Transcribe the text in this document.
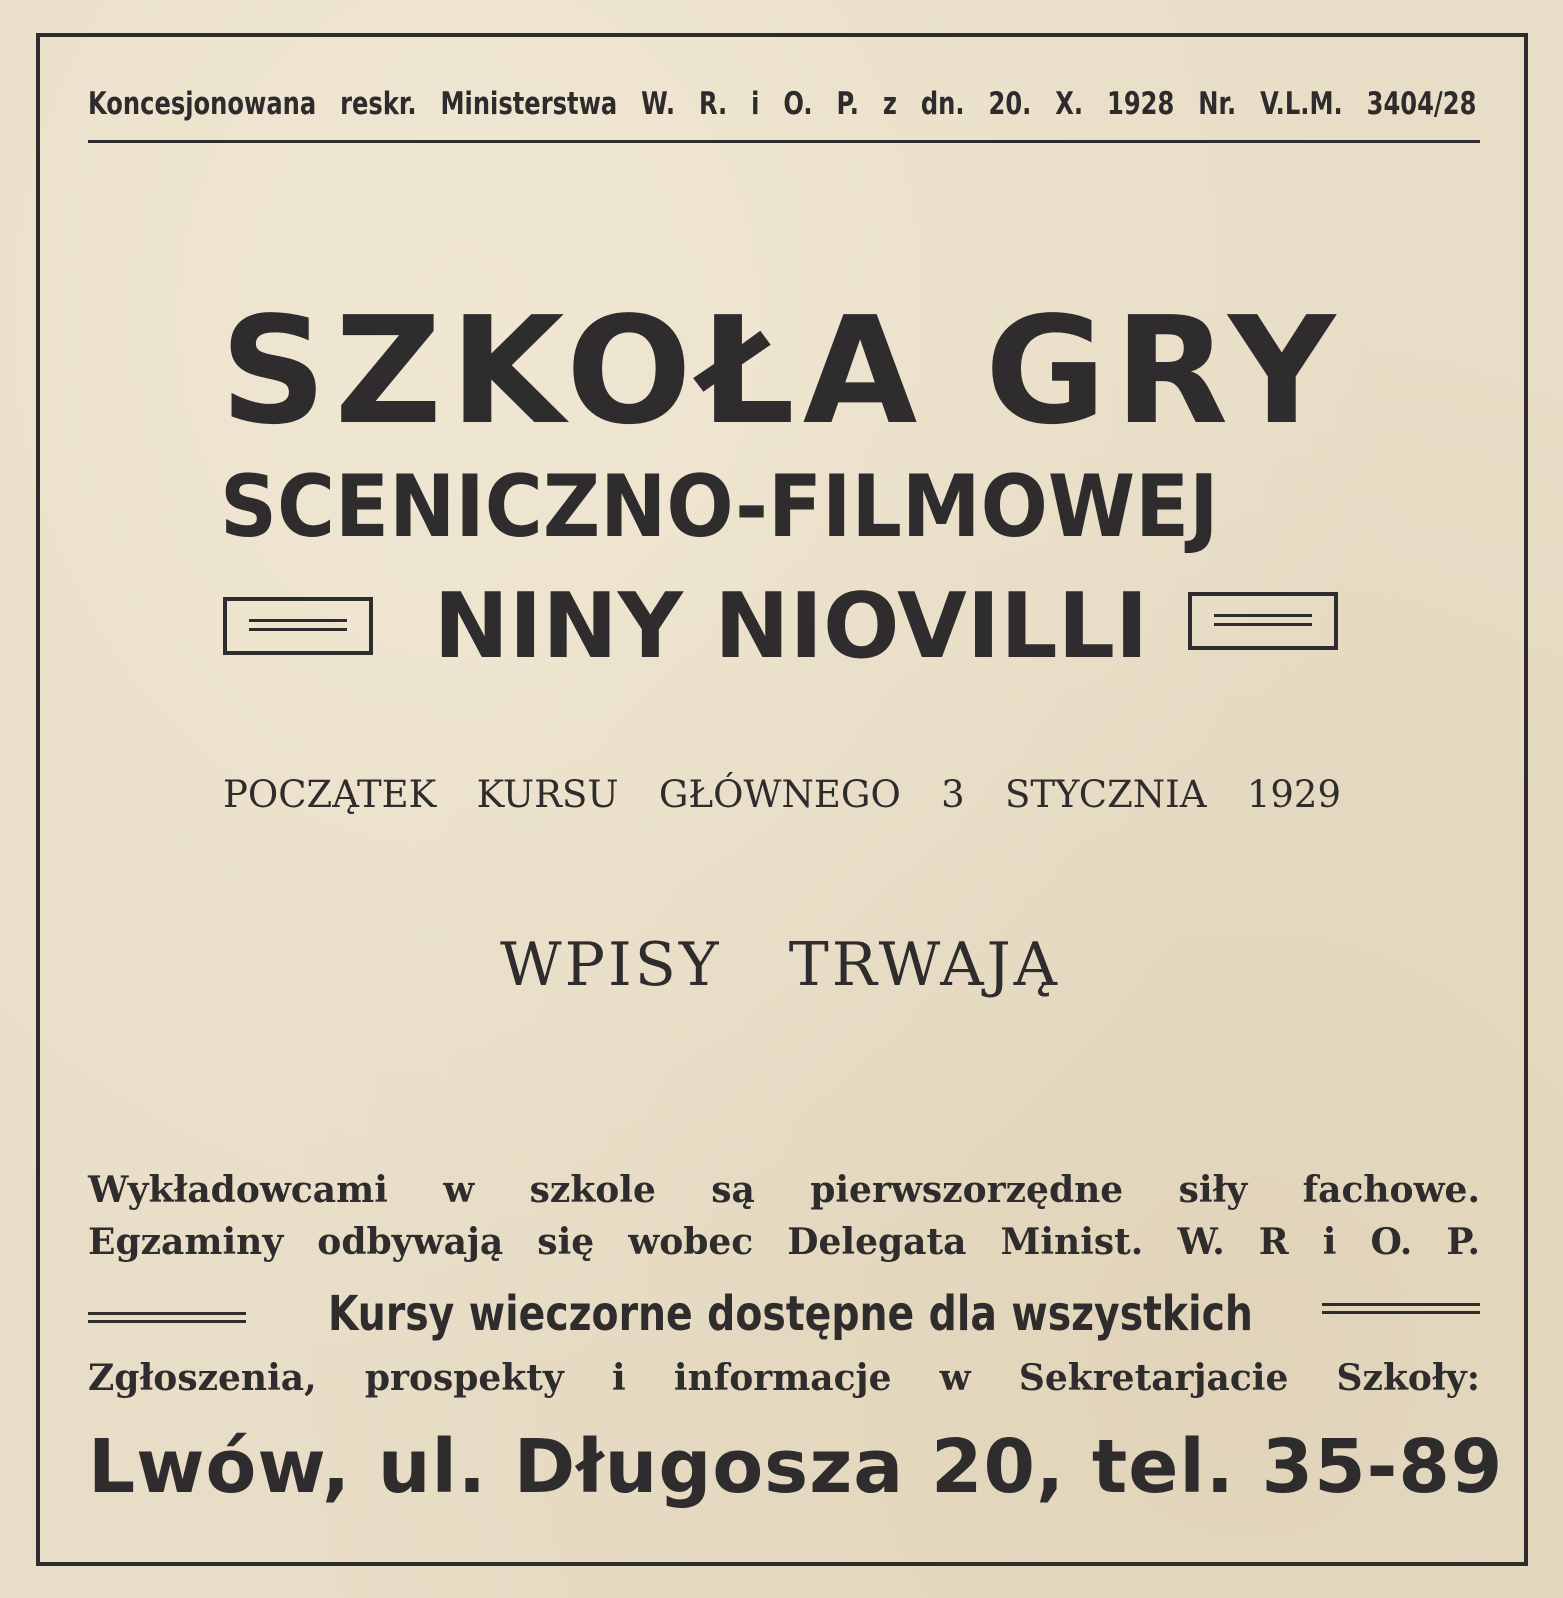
Koncesjonowana reskr. Ministerstwa W. R. i O. P. z dn. 20. X. 1928 Nr. V.L.M. 3404/28
SZKOŁA GRY
SCENICZNO-FILMOWEJ
NINY NIOVILLI
POCZĄTEK KURSU GŁÓWNEGO 3 STYCZNIA 1929
WPISY TRWAJĄ
Wykładowcami w szkole są pierwszorzędne siły fachowe.
Egzaminy odbywają się wobec Delegata Minist. W. R i O. P.
Kursy wieczorne dostępne dla wszystkich
Zgłoszenia, prospekty i informacje w Sekretarjacie Szkoły:
Lwów, ul. Długosza 20, tel. 35-89
